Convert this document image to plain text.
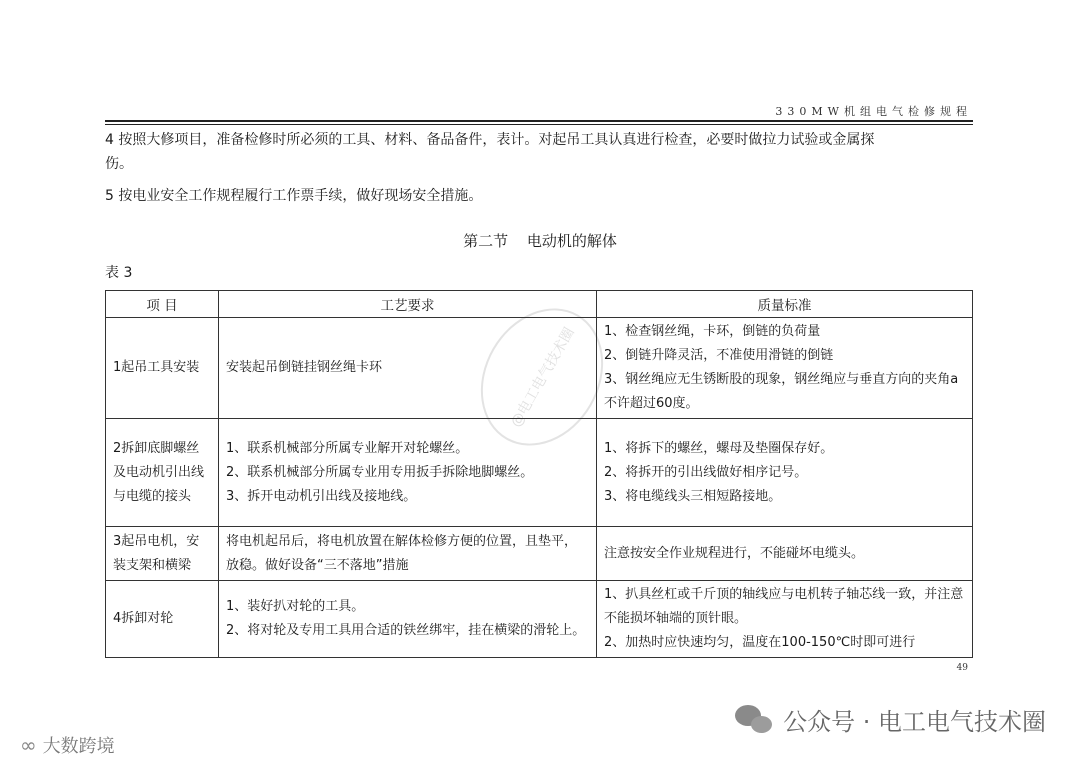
330MW机组电气检修规程
4 按照大修项目，准备检修时所必须的工具、材料、备品备件，表计。对起吊工具认真进行检查，必要时做拉力试验或金属探
伤。
5 按电业安全工作规程履行工作票手续，做好现场安全措施。
第二节 电动机的解体
表 3
@电工电气技术圈
项 目	工艺要求	质量标准
1起吊工具安装	安装起吊倒链挂钢丝绳卡环	1、检查钢丝绳，卡环，倒链的负荷量
2、倒链升降灵活，不准使用滑链的倒链
3、钢丝绳应无生锈断股的现象，钢丝绳应与垂直方向的夹角a不许超过60度。

2拆卸底脚螺丝及电动机引出线与电缆的接头	1、联系机械部分所属专业解开对轮螺丝。
2、联系机械部分所属专业用专用扳手拆除地脚螺丝。
3、拆开电动机引出线及接地线。	1、将拆下的螺丝，螺母及垫圈保存好。
2、将拆开的引出线做好相序记号。
3、将电缆线头三相短路接地。

3起吊电机，安装支架和横梁	将电机起吊后，将电机放置在解体检修方便的位置，且垫平，放稳。做好设备“三不落地”措施	注意按安全作业规程进行，不能碰坏电缆头。

4拆卸对轮	1、装好扒对轮的工具。
2、将对轮及专用工具用合适的铁丝绑牢，挂在横梁的滑轮上。	1、扒具丝杠或千斤顶的轴线应与电机转子轴芯线一致，并注意不能损坏轴端的顶针眼。
2、加热时应快速均匀，温度在100-150℃时即可进行
49
∞ 大数跨境
公众号 · 电工电气技术圈
